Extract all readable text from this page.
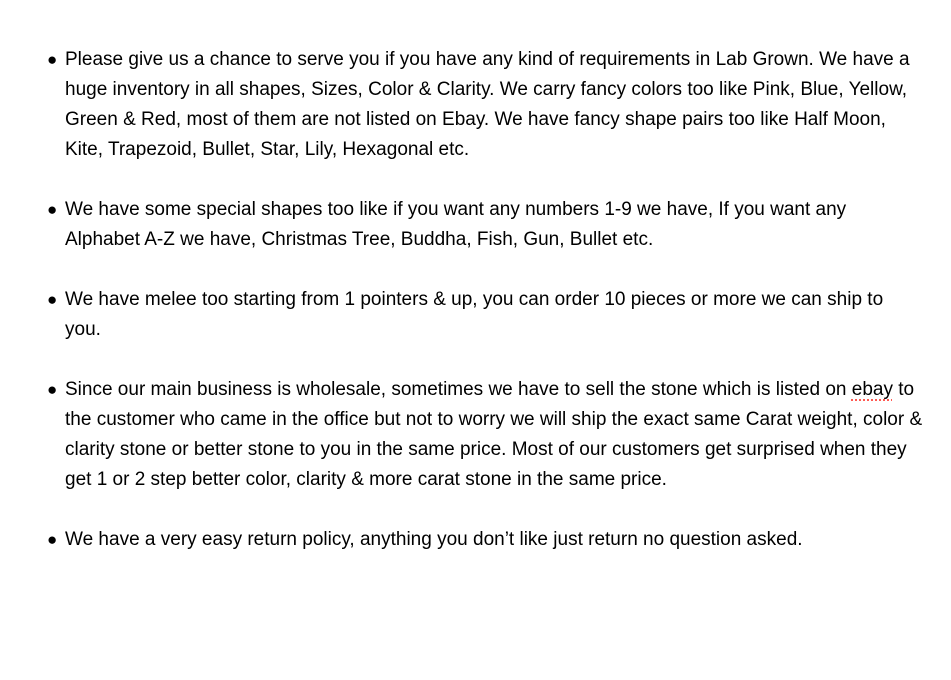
● Please give us a chance to serve you if you have any kind of requirements in Lab Grown. We have a huge inventory in all shapes, Sizes, Color & Clarity. We carry fancy colors too like Pink, Blue, Yellow, Green & Red, most of them are not listed on Ebay. We have fancy shape pairs too like Half Moon, Kite, Trapezoid, Bullet, Star, Lily, Hexagonal etc.
● We have some special shapes too like if you want any numbers 1-9 we have, If you want any Alphabet A-Z we have, Christmas Tree, Buddha, Fish, Gun, Bullet etc.
● We have melee too starting from 1 pointers & up, you can order 10 pieces or more we can ship to you.
● Since our main business is wholesale, sometimes we have to sell the stone which is listed on ebay to the customer who came in the office but not to worry we will ship the exact same Carat weight, color & clarity stone or better stone to you in the same price. Most of our customers get surprised when they get 1 or 2 step better color, clarity & more carat stone in the same price.
● We have a very easy return policy, anything you don’t like just return no question asked.
